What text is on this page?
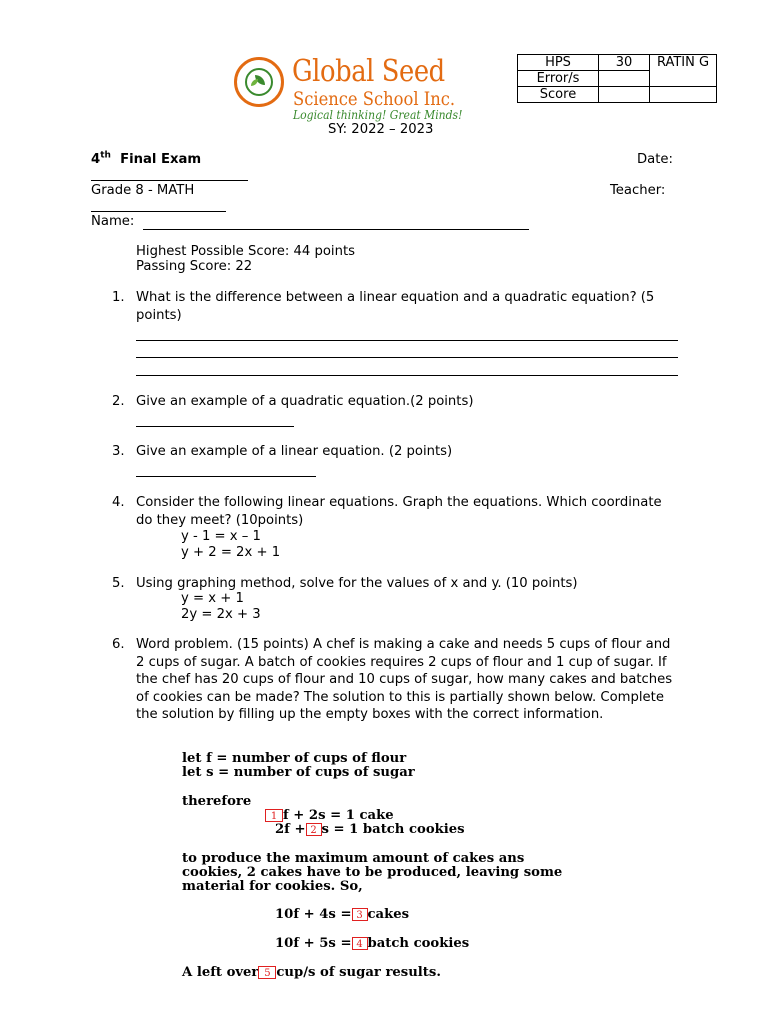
Global Seed
Science School Inc.
Logical thinking! Great Minds!
SY: 2022 – 2023
HPS	30	RATIN G
Error/s		
Score		
4th Final Exam	Date:
Grade 8 - MATH	Teacher:
Name:
Highest Possible Score: 44 points
Passing Score: 22
1. What is the difference between a linear equation and a quadratic equation? (5 points)
2. Give an example of a quadratic equation.(2 points)
3. Give an example of a linear equation. (2 points)
4. Consider the following linear equations. Graph the equations. Which coordinate do they meet? (10points)
y - 1 = x – 1
y + 2 = 2x + 1
5. Using graphing method, solve for the values of x and y. (10 points)
y = x + 1
2y = 2x + 3
6. Word problem. (15 points) A chef is making a cake and needs 5 cups of flour and 2 cups of sugar. A batch of cookies requires 2 cups of flour and 1 cup of sugar. If the chef has 20 cups of flour and 10 cups of sugar, how many cakes and batches of cookies can be made? The solution to this is partially shown below. Complete the solution by filling up the empty boxes with the correct information.
let f = number of cups of flour
let s = number of cups of sugar
therefore
1 f + 2s = 1 cake
2f + 2 s = 1 batch cookies
to produce the maximum amount of cakes ans
cookies, 2 cakes have to be produced, leaving some
material for cookies. So,
10f + 4s = 3 cakes
10f + 5s = 4 batch cookies
A left over 5 cup/s of sugar results.
